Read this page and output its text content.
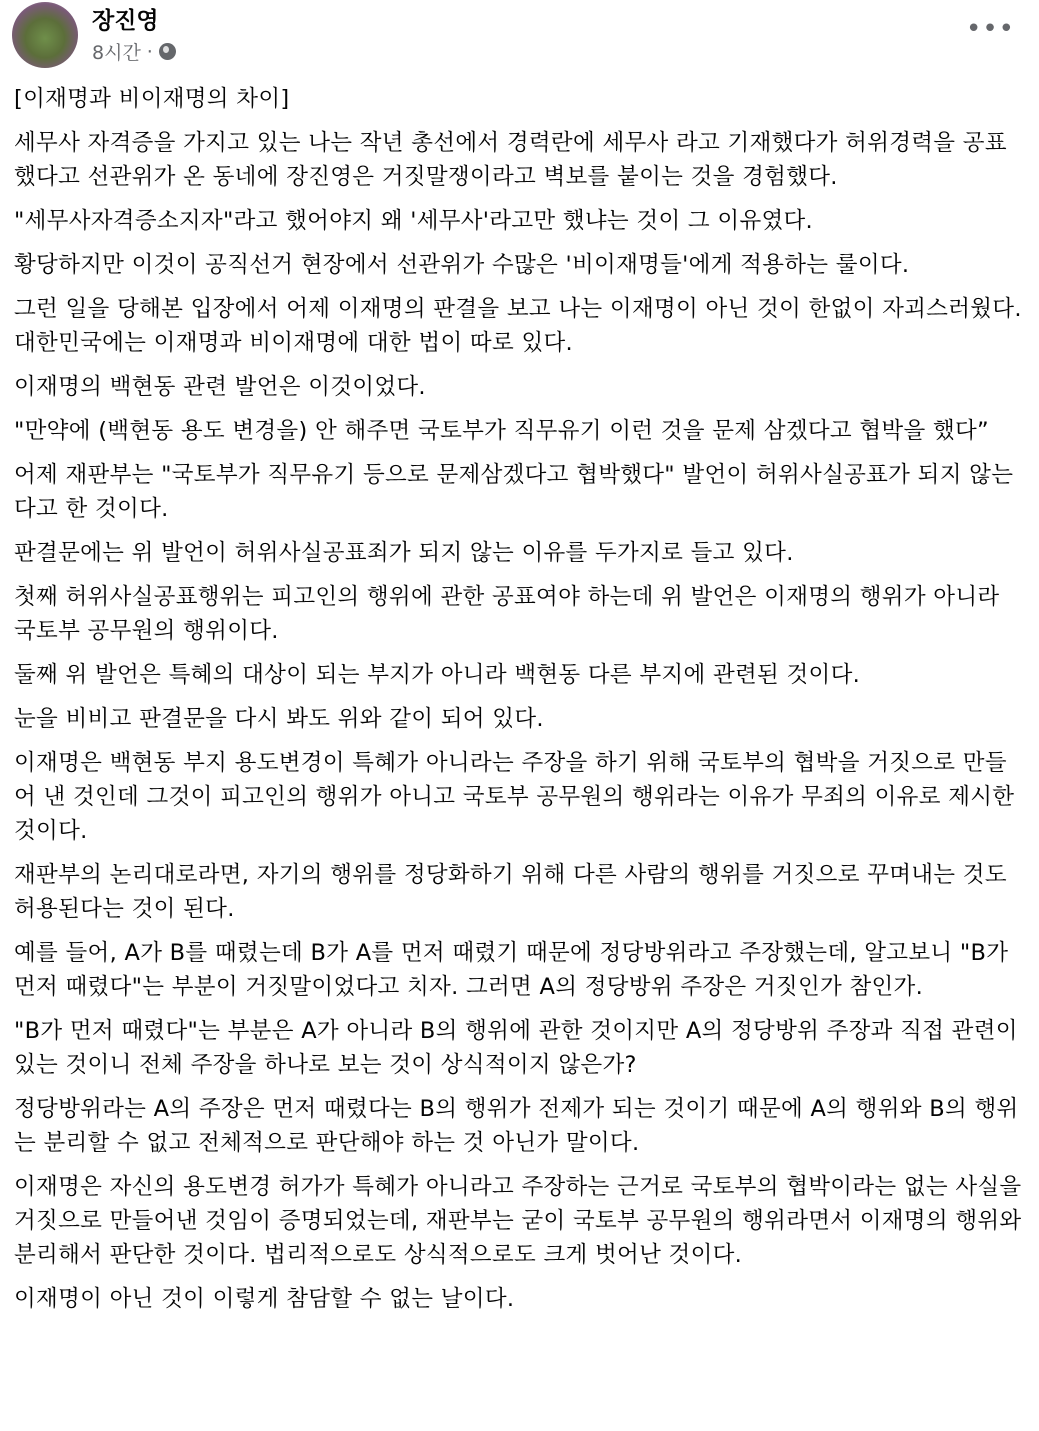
장진영
8시간 ·
•••

[이재명과 비이재명의 차이]

세무사 자격증을 가지고 있는 나는 작년 총선에서 경력란에 세무사 라고 기재했다가 허위경력을 공표했다고 선관위가 온 동네에 장진영은 거짓말쟁이라고 벽보를 붙이는 것을 경험했다.

"세무사자격증소지자"라고 했어야지 왜 '세무사'라고만 했냐는 것이 그 이유였다.

황당하지만 이것이 공직선거 현장에서 선관위가 수많은 '비이재명들'에게 적용하는 룰이다.

그런 일을 당해본 입장에서 어제 이재명의 판결을 보고 나는 이재명이 아닌 것이 한없이 자괴스러웠다. 대한민국에는 이재명과 비이재명에 대한 법이 따로 있다.

이재명의 백현동 관련 발언은 이것이었다.

"만약에 (백현동 용도 변경을) 안 해주면 국토부가 직무유기 이런 것을 문제 삼겠다고 협박을 했다”

어제 재판부는 "국토부가 직무유기 등으로 문제삼겠다고 협박했다" 발언이 허위사실공표가 되지 않는다고 한 것이다.

판결문에는 위 발언이 허위사실공표죄가 되지 않는 이유를 두가지로 들고 있다.

첫째 허위사실공표행위는 피고인의 행위에 관한 공표여야 하는데 위 발언은 이재명의 행위가 아니라 국토부 공무원의 행위이다.

둘째 위 발언은 특혜의 대상이 되는 부지가 아니라 백현동 다른 부지에 관련된 것이다.

눈을 비비고 판결문을 다시 봐도 위와 같이 되어 있다.

이재명은 백현동 부지 용도변경이 특혜가 아니라는 주장을 하기 위해 국토부의 협박을 거짓으로 만들어 낸 것인데 그것이 피고인의 행위가 아니고 국토부 공무원의 행위라는 이유가 무죄의 이유로 제시한 것이다.

재판부의 논리대로라면, 자기의 행위를 정당화하기 위해 다른 사람의 행위를 거짓으로 꾸며내는 것도 허용된다는 것이 된다.

예를 들어, A가 B를 때렸는데 B가 A를 먼저 때렸기 때문에 정당방위라고 주장했는데, 알고보니 "B가 먼저 때렸다"는 부분이 거짓말이었다고 치자. 그러면 A의 정당방위 주장은 거짓인가 참인가.

"B가 먼저 때렸다"는 부분은 A가 아니라 B의 행위에 관한 것이지만 A의 정당방위 주장과 직접 관련이 있는 것이니 전체 주장을 하나로 보는 것이 상식적이지 않은가?

정당방위라는 A의 주장은 먼저 때렸다는 B의 행위가 전제가 되는 것이기 때문에 A의 행위와 B의 행위는 분리할 수 없고 전체적으로 판단해야 하는 것 아닌가 말이다.

이재명은 자신의 용도변경 허가가 특혜가 아니라고 주장하는 근거로 국토부의 협박이라는 없는 사실을 거짓으로 만들어낸 것임이 증명되었는데, 재판부는 굳이 국토부 공무원의 행위라면서 이재명의 행위와 분리해서 판단한 것이다. 법리적으로도 상식적으로도 크게 벗어난 것이다.

이재명이 아닌 것이 이렇게 참담할 수 없는 날이다.
